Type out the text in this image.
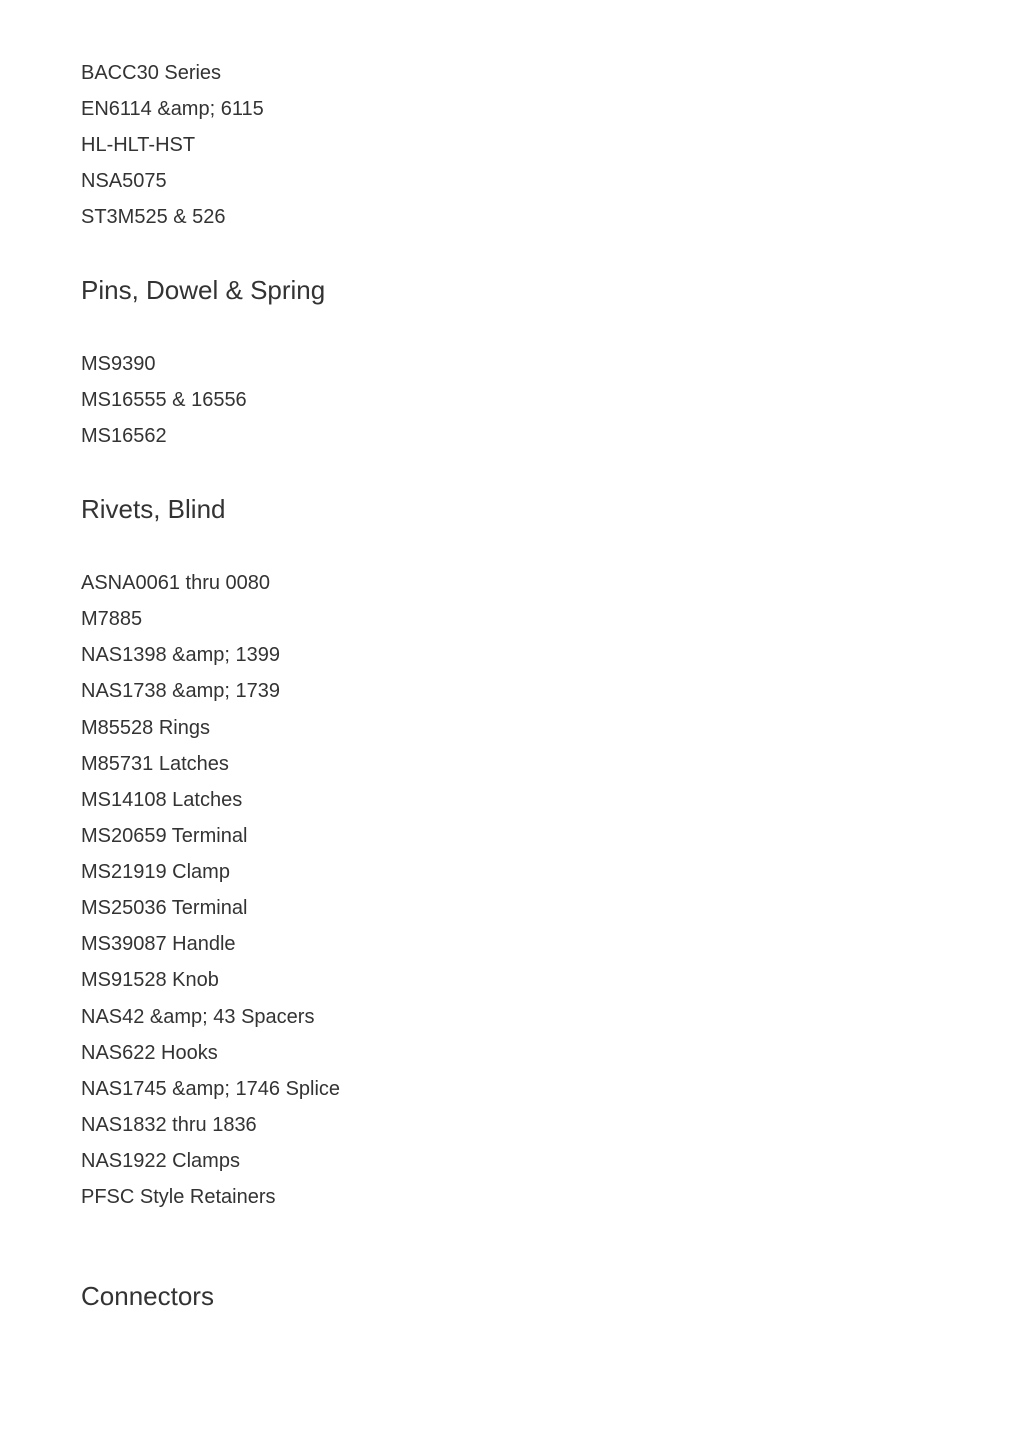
BACC30 Series
EN6114 &amp; 6115
HL-HLT-HST
NSA5075
ST3M525 & 526
Pins, Dowel & Spring
MS9390
MS16555 & 16556
MS16562
Rivets, Blind
ASNA0061 thru 0080
M7885
NAS1398 &amp; 1399
NAS1738 &amp; 1739
M85528 Rings
M85731 Latches
MS14108 Latches
MS20659 Terminal
MS21919 Clamp
MS25036 Terminal
MS39087 Handle
MS91528 Knob
NAS42 &amp; 43 Spacers
NAS622 Hooks
NAS1745 &amp; 1746 Splice
NAS1832 thru 1836
NAS1922 Clamps
PFSC Style Retainers
Connectors
